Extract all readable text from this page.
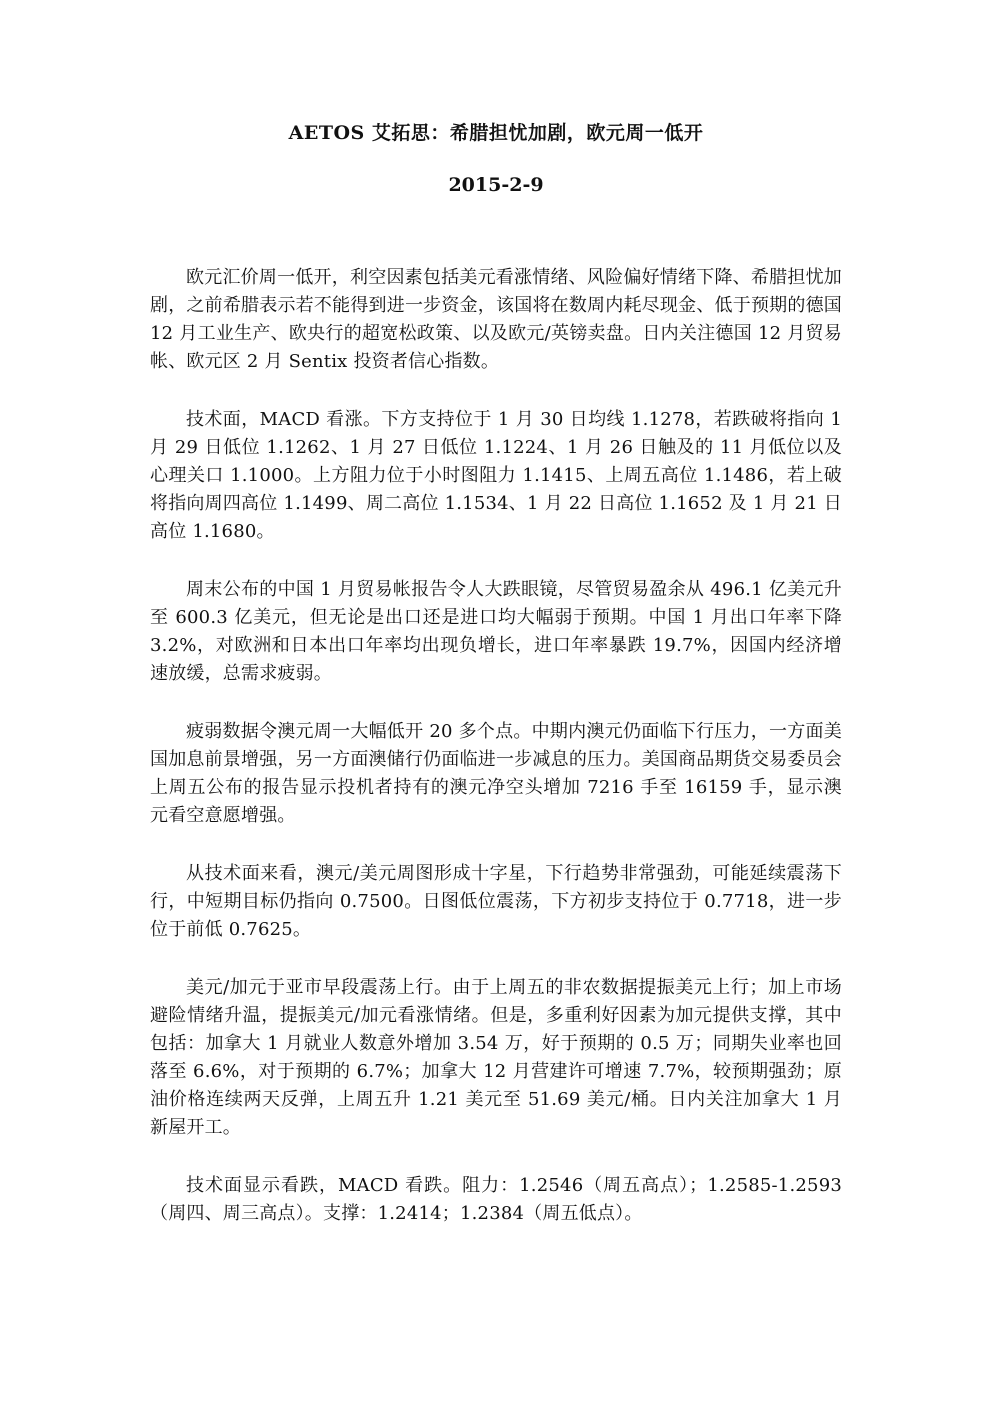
AETOS 艾拓思：希腊担忧加剧，欧元周一低开
2015-2-9

欧元汇价周一低开，利空因素包括美元看涨情绪、风险偏好情绪下降、希腊担忧加剧，之前希腊表示若不能得到进一步资金，该国将在数周内耗尽现金、低于预期的德国 12 月工业生产、欧央行的超宽松政策、以及欧元/英镑卖盘。日内关注德国 12 月贸易帐、欧元区 2 月 Sentix 投资者信心指数。

技术面，MACD 看涨。下方支持位于 1 月 30 日均线 1.1278，若跌破将指向 1 月 29 日低位 1.1262、1 月 27 日低位 1.1224、1 月 26 日触及的 11 月低位以及心理关口 1.1000。上方阻力位于小时图阻力 1.1415、上周五高位 1.1486，若上破将指向周四高位 1.1499、周二高位 1.1534、1 月 22 日高位 1.1652 及 1 月 21 日高位 1.1680。

周末公布的中国 1 月贸易帐报告令人大跌眼镜，尽管贸易盈余从 496.1 亿美元升至 600.3 亿美元，但无论是出口还是进口均大幅弱于预期。中国 1 月出口年率下降 3.2%，对欧洲和日本出口年率均出现负增长，进口年率暴跌 19.7%，因国内经济增速放缓，总需求疲弱。

疲弱数据令澳元周一大幅低开 20 多个点。中期内澳元仍面临下行压力，一方面美国加息前景增强，另一方面澳储行仍面临进一步减息的压力。美国商品期货交易委员会上周五公布的报告显示投机者持有的澳元净空头增加 7216 手至 16159 手，显示澳元看空意愿增强。

从技术面来看，澳元/美元周图形成十字星，下行趋势非常强劲，可能延续震荡下行，中短期目标仍指向 0.7500。日图低位震荡，下方初步支持位于 0.7718，进一步位于前低 0.7625。

美元/加元于亚市早段震荡上行。由于上周五的非农数据提振美元上行；加上市场避险情绪升温，提振美元/加元看涨情绪。但是，多重利好因素为加元提供支撑，其中包括：加拿大 1 月就业人数意外增加 3.54 万，好于预期的 0.5 万；同期失业率也回落至 6.6%，对于预期的 6.7%；加拿大 12 月营建许可增速 7.7%，较预期强劲；原油价格连续两天反弹，上周五升 1.21 美元至 51.69 美元/桶。日内关注加拿大 1 月新屋开工。

技术面显示看跌，MACD 看跌。阻力：1.2546（周五高点）；1.2585-1.2593（周四、周三高点）。支撑：1.2414；1.2384（周五低点）。
